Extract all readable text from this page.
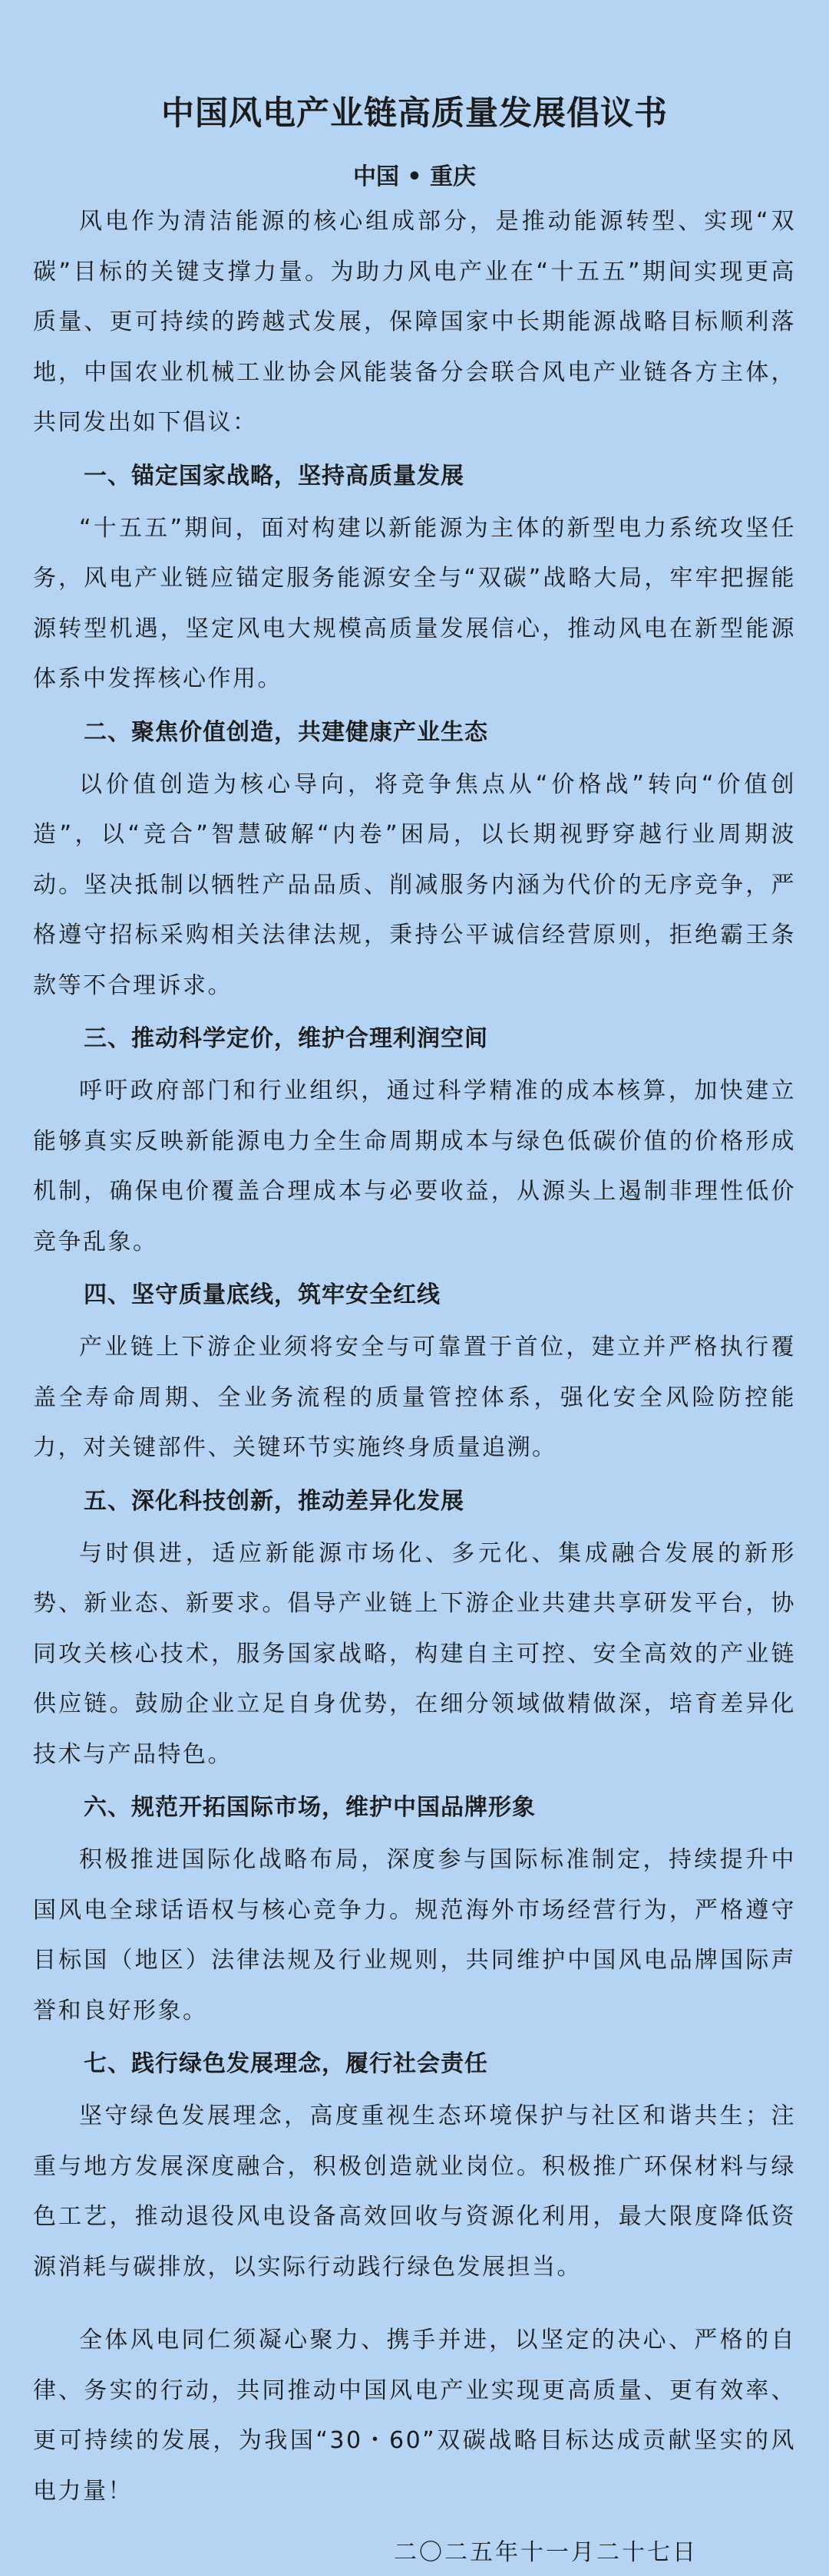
中国风电产业链高质量发展倡议书
中国 • 重庆

风电作为清洁能源的核心组成部分，是推动能源转型、实现“双碳”目标的关键支撑力量。为助力风电产业在“十五五”期间实现更高质量、更可持续的跨越式发展，保障国家中长期能源战略目标顺利落地，中国农业机械工业协会风能装备分会联合风电产业链各方主体，共同发出如下倡议：

一、锚定国家战略，坚持高质量发展

“十五五”期间，面对构建以新能源为主体的新型电力系统攻坚任务，风电产业链应锚定服务能源安全与“双碳”战略大局，牢牢把握能源转型机遇，坚定风电大规模高质量发展信心，推动风电在新型能源体系中发挥核心作用。

二、聚焦价值创造，共建健康产业生态

以价值创造为核心导向，将竞争焦点从“价格战”转向“价值创造”，以“竞合”智慧破解“内卷”困局，以长期视野穿越行业周期波动。坚决抵制以牺牲产品品质、削减服务内涵为代价的无序竞争，严格遵守招标采购相关法律法规，秉持公平诚信经营原则，拒绝霸王条款等不合理诉求。

三、推动科学定价，维护合理利润空间

呼吁政府部门和行业组织，通过科学精准的成本核算，加快建立能够真实反映新能源电力全生命周期成本与绿色低碳价值的价格形成机制，确保电价覆盖合理成本与必要收益，从源头上遏制非理性低价竞争乱象。

四、坚守质量底线，筑牢安全红线

产业链上下游企业须将安全与可靠置于首位，建立并严格执行覆盖全寿命周期、全业务流程的质量管控体系，强化安全风险防控能力，对关键部件、关键环节实施终身质量追溯。

五、深化科技创新，推动差异化发展

与时俱进，适应新能源市场化、多元化、集成融合发展的新形势、新业态、新要求。倡导产业链上下游企业共建共享研发平台，协同攻关核心技术，服务国家战略，构建自主可控、安全高效的产业链供应链。鼓励企业立足自身优势，在细分领域做精做深，培育差异化技术与产品特色。

六、规范开拓国际市场，维护中国品牌形象

积极推进国际化战略布局，深度参与国际标准制定，持续提升中国风电全球话语权与核心竞争力。规范海外市场经营行为，严格遵守目标国（地区）法律法规及行业规则，共同维护中国风电品牌国际声誉和良好形象。

七、践行绿色发展理念，履行社会责任

坚守绿色发展理念，高度重视生态环境保护与社区和谐共生；注重与地方发展深度融合，积极创造就业岗位。积极推广环保材料与绿色工艺，推动退役风电设备高效回收与资源化利用，最大限度降低资源消耗与碳排放，以实际行动践行绿色发展担当。

全体风电同仁须凝心聚力、携手并进，以坚定的决心、严格的自律、务实的行动，共同推动中国风电产业实现更高质量、更有效率、更可持续的发展，为我国“30・60”双碳战略目标达成贡献坚实的风电力量！

二〇二五年十一月二十七日
